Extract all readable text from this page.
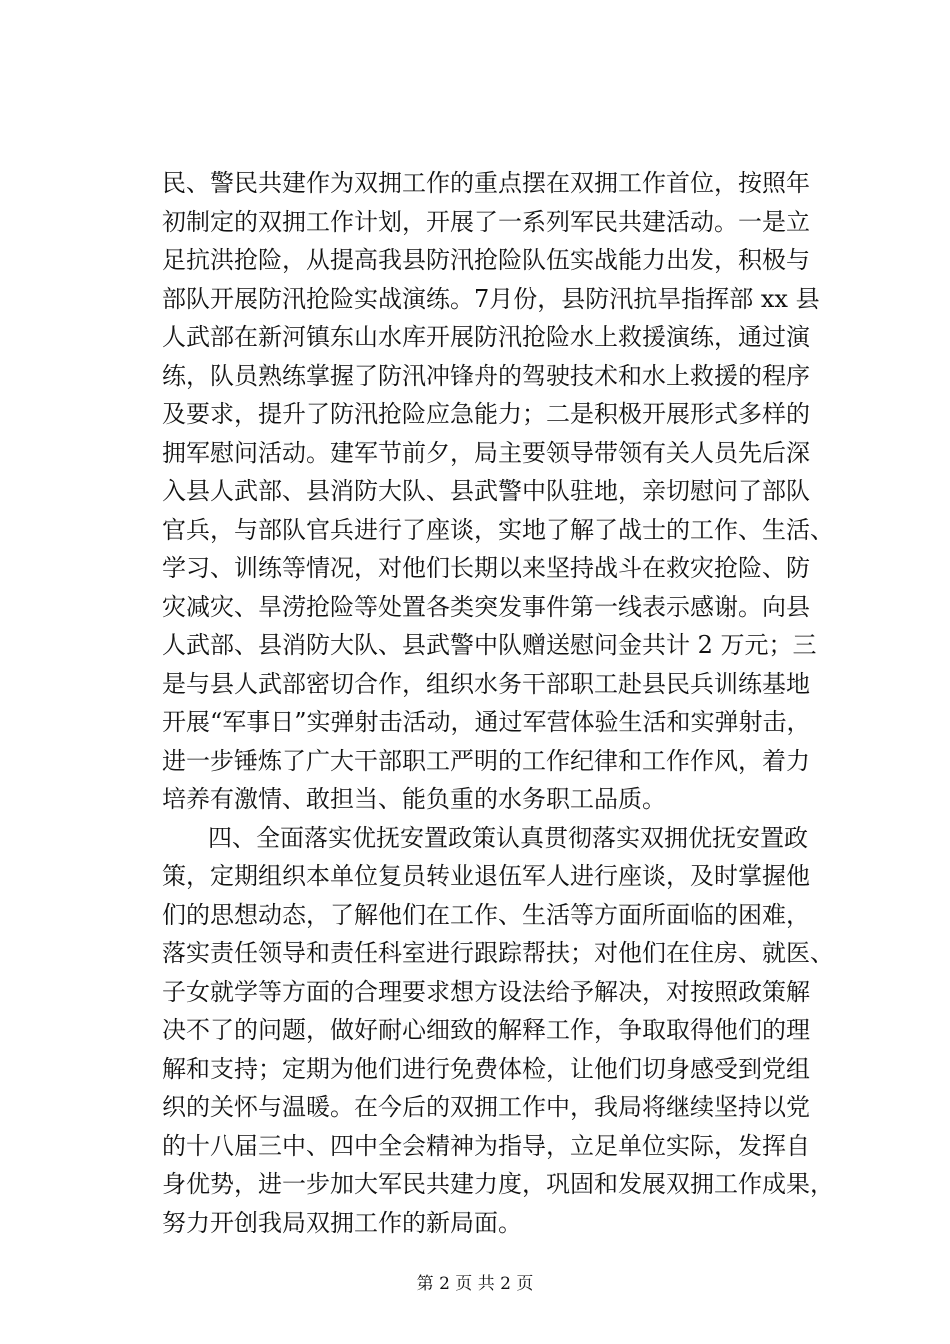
民、警民共建作为双拥工作的重点摆在双拥工作首位，按照年
初制定的双拥工作计划，开展了一系列军民共建活动。一是立
足抗洪抢险，从提高我县防汛抢险队伍实战能力出发，积极与
部队开展防汛抢险实战演练。7月份，县防汛抗旱指挥部 xx 县
人武部在新河镇东山水库开展防汛抢险水上救援演练，通过演
练，队员熟练掌握了防汛冲锋舟的驾驶技术和水上救援的程序
及要求，提升了防汛抢险应急能力；二是积极开展形式多样的
拥军慰问活动。建军节前夕，局主要领导带领有关人员先后深
入县人武部、县消防大队、县武警中队驻地，亲切慰问了部队
官兵，与部队官兵进行了座谈，实地了解了战士的工作、生活、
学习、训练等情况，对他们长期以来坚持战斗在救灾抢险、防
灾减灾、旱涝抢险等处置各类突发事件第一线表示感谢。向县
人武部、县消防大队、县武警中队赠送慰问金共计 2 万元；三
是与县人武部密切合作，组织水务干部职工赴县民兵训练基地
开展“军事日”实弹射击活动，通过军营体验生活和实弹射击，
进一步锤炼了广大干部职工严明的工作纪律和工作作风，着力
培养有激情、敢担当、能负重的水务职工品质。
四、全面落实优抚安置政策认真贯彻落实双拥优抚安置政
策，定期组织本单位复员转业退伍军人进行座谈，及时掌握他
们的思想动态，了解他们在工作、生活等方面所面临的困难，
落实责任领导和责任科室进行跟踪帮扶；对他们在住房、就医、
子女就学等方面的合理要求想方设法给予解决，对按照政策解
决不了的问题，做好耐心细致的解释工作，争取取得他们的理
解和支持；定期为他们进行免费体检，让他们切身感受到党组
织的关怀与温暖。在今后的双拥工作中，我局将继续坚持以党
的十八届三中、四中全会精神为指导，立足单位实际，发挥自
身优势，进一步加大军民共建力度，巩固和发展双拥工作成果，
努力开创我局双拥工作的新局面。
第 2 页 共 2 页
